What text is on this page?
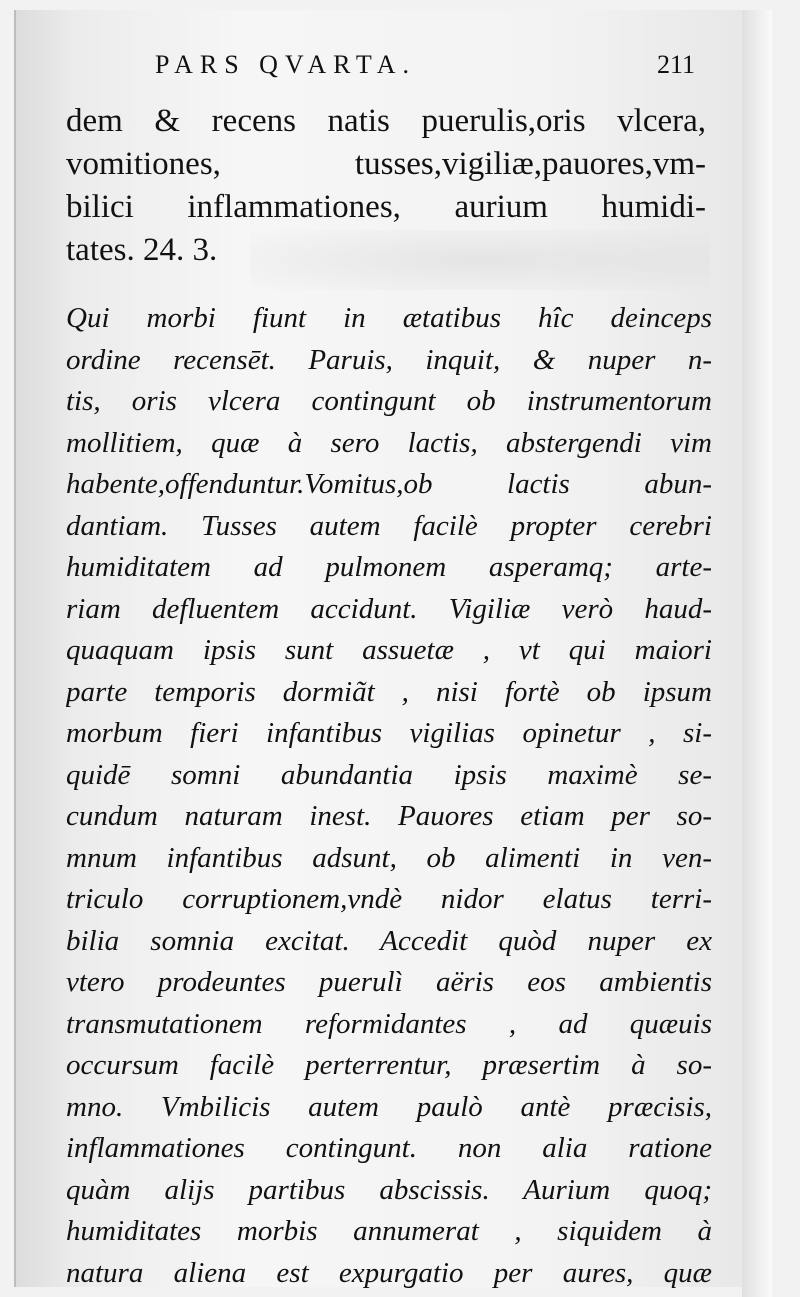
PARS QVARTA.	211
dem & recens natis puerulis,oris vlcera,
vomitiones, tusses,vigiliæ,pauores,vm-
bilici inflammationes, aurium humidi-
tates. 24. 3.
Qui morbi fiunt in ætatibus hîc deinceps
ordine recensēt. Paruis, inquit, & nuper n-
tis, oris vlcera contingunt ob instrumentorum
mollitiem, quæ à sero lactis, abstergendi vim
habente,offenduntur.Vomitus,ob lactis abun-
dantiam. Tusses autem facilè propter cerebri
humiditatem ad pulmonem asperamq; arte-
riam defluentem accidunt. Vigiliæ verò haud-
quaquam ipsis sunt assuetæ , vt qui maiori
parte temporis dormiãt , nisi fortè ob ipsum
morbum fieri infantibus vigilias opinetur , si-
quidē somni abundantia ipsis maximè se-
cundum naturam inest. Pauores etiam per so-
mnum infantibus adsunt, ob alimenti in ven-
triculo corruptionem,vndè nidor elatus terri-
bilia somnia excitat. Accedit quòd nuper ex
vtero prodeuntes puerulì aëris eos ambientis
transmutationem reformidantes , ad quæuis
occursum facilè perterrentur, præsertim à so-
mno. Vmbilicis autem paulò antè præcisis,
inflammationes contingunt. non alia ratione
quàm alijs partibus abscissis. Aurium quoq;
humiditates morbis annumerat , siquidem à
natura aliena est expurgatio per aures, quæ
